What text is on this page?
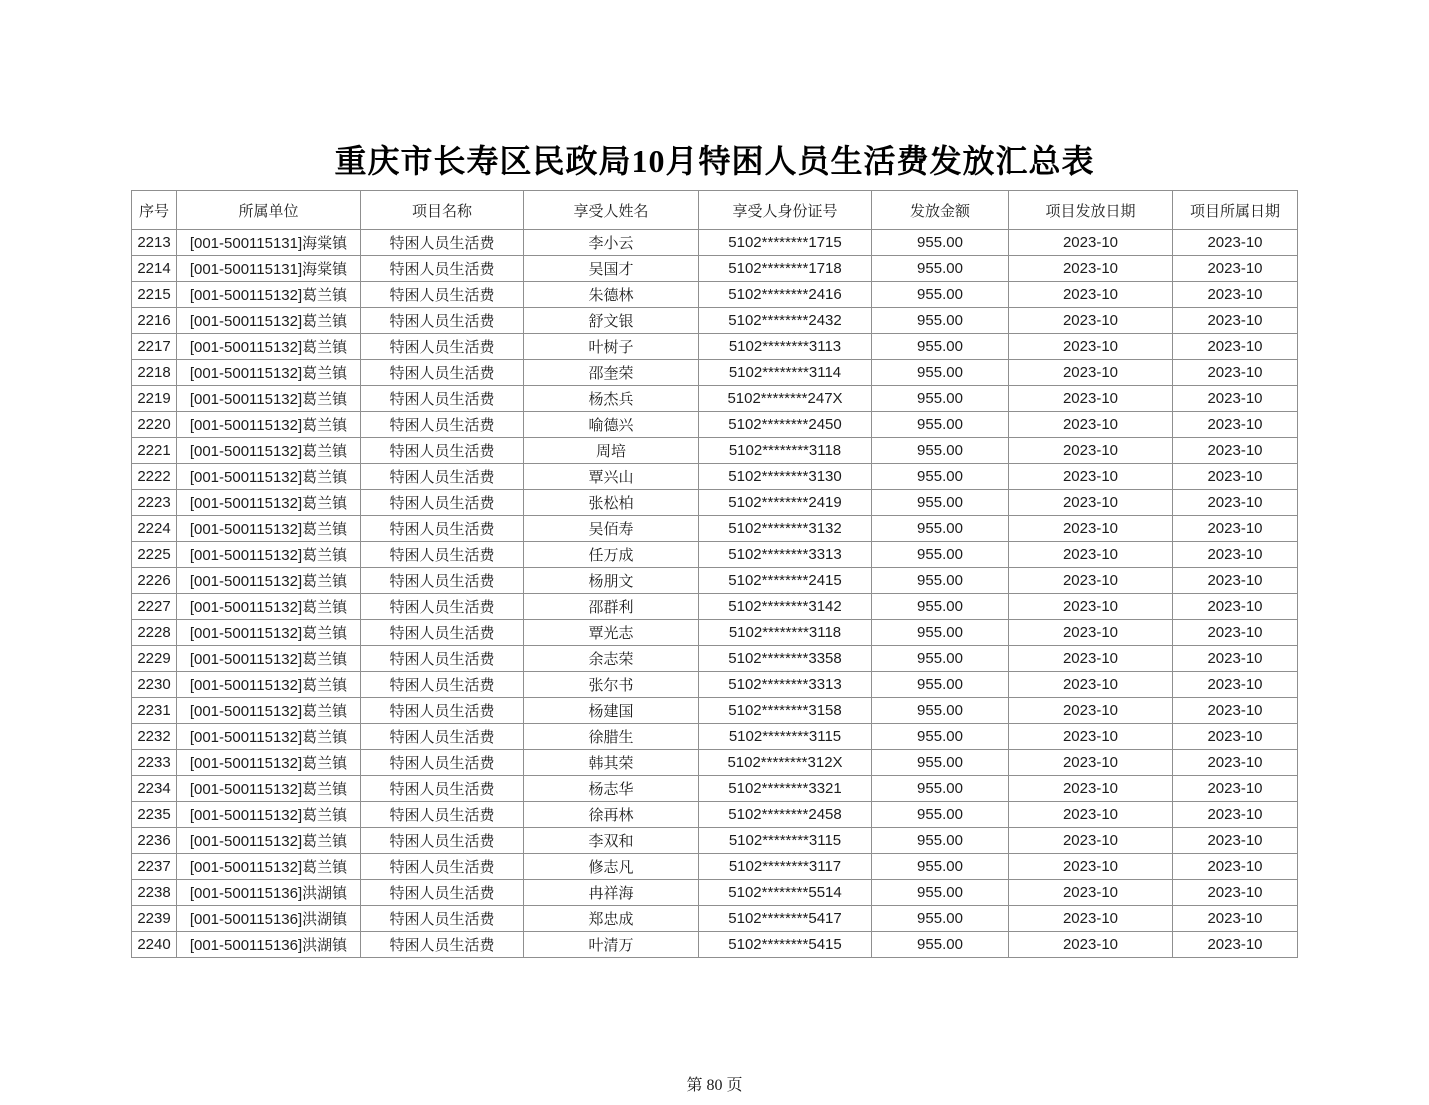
重庆市长寿区民政局10月特困人员生活费发放汇总表
序号	所属单位	项目名称	享受人姓名	享受人身份证号	发放金额	项目发放日期	项目所属日期
2213	[001-500115131]海棠镇	特困人员生活费	李小云	5102********1715	955.00	2023-10	2023-10
2214	[001-500115131]海棠镇	特困人员生活费	吴国才	5102********1718	955.00	2023-10	2023-10
2215	[001-500115132]葛兰镇	特困人员生活费	朱德林	5102********2416	955.00	2023-10	2023-10
2216	[001-500115132]葛兰镇	特困人员生活费	舒文银	5102********2432	955.00	2023-10	2023-10
2217	[001-500115132]葛兰镇	特困人员生活费	叶树子	5102********3113	955.00	2023-10	2023-10
2218	[001-500115132]葛兰镇	特困人员生活费	邵奎荣	5102********3114	955.00	2023-10	2023-10
2219	[001-500115132]葛兰镇	特困人员生活费	杨杰兵	5102********247X	955.00	2023-10	2023-10
2220	[001-500115132]葛兰镇	特困人员生活费	喻德兴	5102********2450	955.00	2023-10	2023-10
2221	[001-500115132]葛兰镇	特困人员生活费	周培	5102********3118	955.00	2023-10	2023-10
2222	[001-500115132]葛兰镇	特困人员生活费	覃兴山	5102********3130	955.00	2023-10	2023-10
2223	[001-500115132]葛兰镇	特困人员生活费	张松柏	5102********2419	955.00	2023-10	2023-10
2224	[001-500115132]葛兰镇	特困人员生活费	吴佰寿	5102********3132	955.00	2023-10	2023-10
2225	[001-500115132]葛兰镇	特困人员生活费	任万成	5102********3313	955.00	2023-10	2023-10
2226	[001-500115132]葛兰镇	特困人员生活费	杨朋文	5102********2415	955.00	2023-10	2023-10
2227	[001-500115132]葛兰镇	特困人员生活费	邵群利	5102********3142	955.00	2023-10	2023-10
2228	[001-500115132]葛兰镇	特困人员生活费	覃光志	5102********3118	955.00	2023-10	2023-10
2229	[001-500115132]葛兰镇	特困人员生活费	余志荣	5102********3358	955.00	2023-10	2023-10
2230	[001-500115132]葛兰镇	特困人员生活费	张尔书	5102********3313	955.00	2023-10	2023-10
2231	[001-500115132]葛兰镇	特困人员生活费	杨建国	5102********3158	955.00	2023-10	2023-10
2232	[001-500115132]葛兰镇	特困人员生活费	徐腊生	5102********3115	955.00	2023-10	2023-10
2233	[001-500115132]葛兰镇	特困人员生活费	韩其荣	5102********312X	955.00	2023-10	2023-10
2234	[001-500115132]葛兰镇	特困人员生活费	杨志华	5102********3321	955.00	2023-10	2023-10
2235	[001-500115132]葛兰镇	特困人员生活费	徐再林	5102********2458	955.00	2023-10	2023-10
2236	[001-500115132]葛兰镇	特困人员生活费	李双和	5102********3115	955.00	2023-10	2023-10
2237	[001-500115132]葛兰镇	特困人员生活费	修志凡	5102********3117	955.00	2023-10	2023-10
2238	[001-500115136]洪湖镇	特困人员生活费	冉祥海	5102********5514	955.00	2023-10	2023-10
2239	[001-500115136]洪湖镇	特困人员生活费	郑忠成	5102********5417	955.00	2023-10	2023-10
2240	[001-500115136]洪湖镇	特困人员生活费	叶清万	5102********5415	955.00	2023-10	2023-10
第 80 页
